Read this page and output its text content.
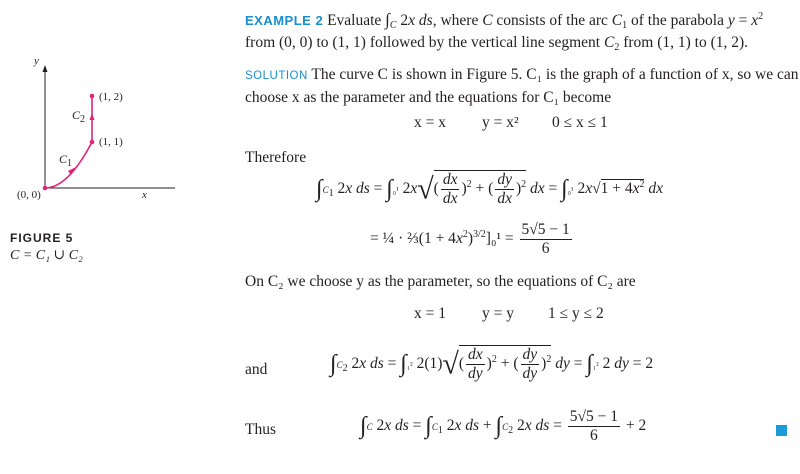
y
x
(0, 0)
(1, 1)
(1, 2)
$C_2$
$C_1$
FIGURE 5
C = C₁ ∪ C₂
EXAMPLE 2 Evaluate $\int_C$ 2x ds, where C consists of the arc $C_1$ of the parabola $y = x^2$
from (0, 0) to (1, 1) followed by the vertical line segment $C_2$ from (1, 1) to (1, 2).
SOLUTION The curve C is shown in Figure 5. C₁ is the graph of a function of x, so we can
choose x as the parameter and the equations for C₁ become
x = x y = x² 0 ≤ x ≤ 1
Therefore
$\int C_1$ 2x ds = ∫₀¹ $2x√( \frac{dx}{dx} )^2$ + ( $\frac{dy}{dx} )^2$ dx = ∫₀¹ $2x√1 + 4x^2$ dx
= ¼ · ⅔(1 + $4x^2)^{3/2}]_0^1 = \frac{5√5 - 1}{6}$
On C₂ we choose y as the parameter, so the equations of C₂ are
x = 1 y = y 1 ≤ y ≤ 2
and	$\int C_2$ 2x ds = ∫₁² $2(1)√( \frac{dx}{dy} )^2$ + ( $\frac{dy}{dy} )^2$ dy = ∫₁² 2 dy = 2
Thus	∫C 2x ds = $\int C_1$ 2x ds + $\int C_2$ 2x ds = $\frac{5√5 - 1}{6} + 2$
